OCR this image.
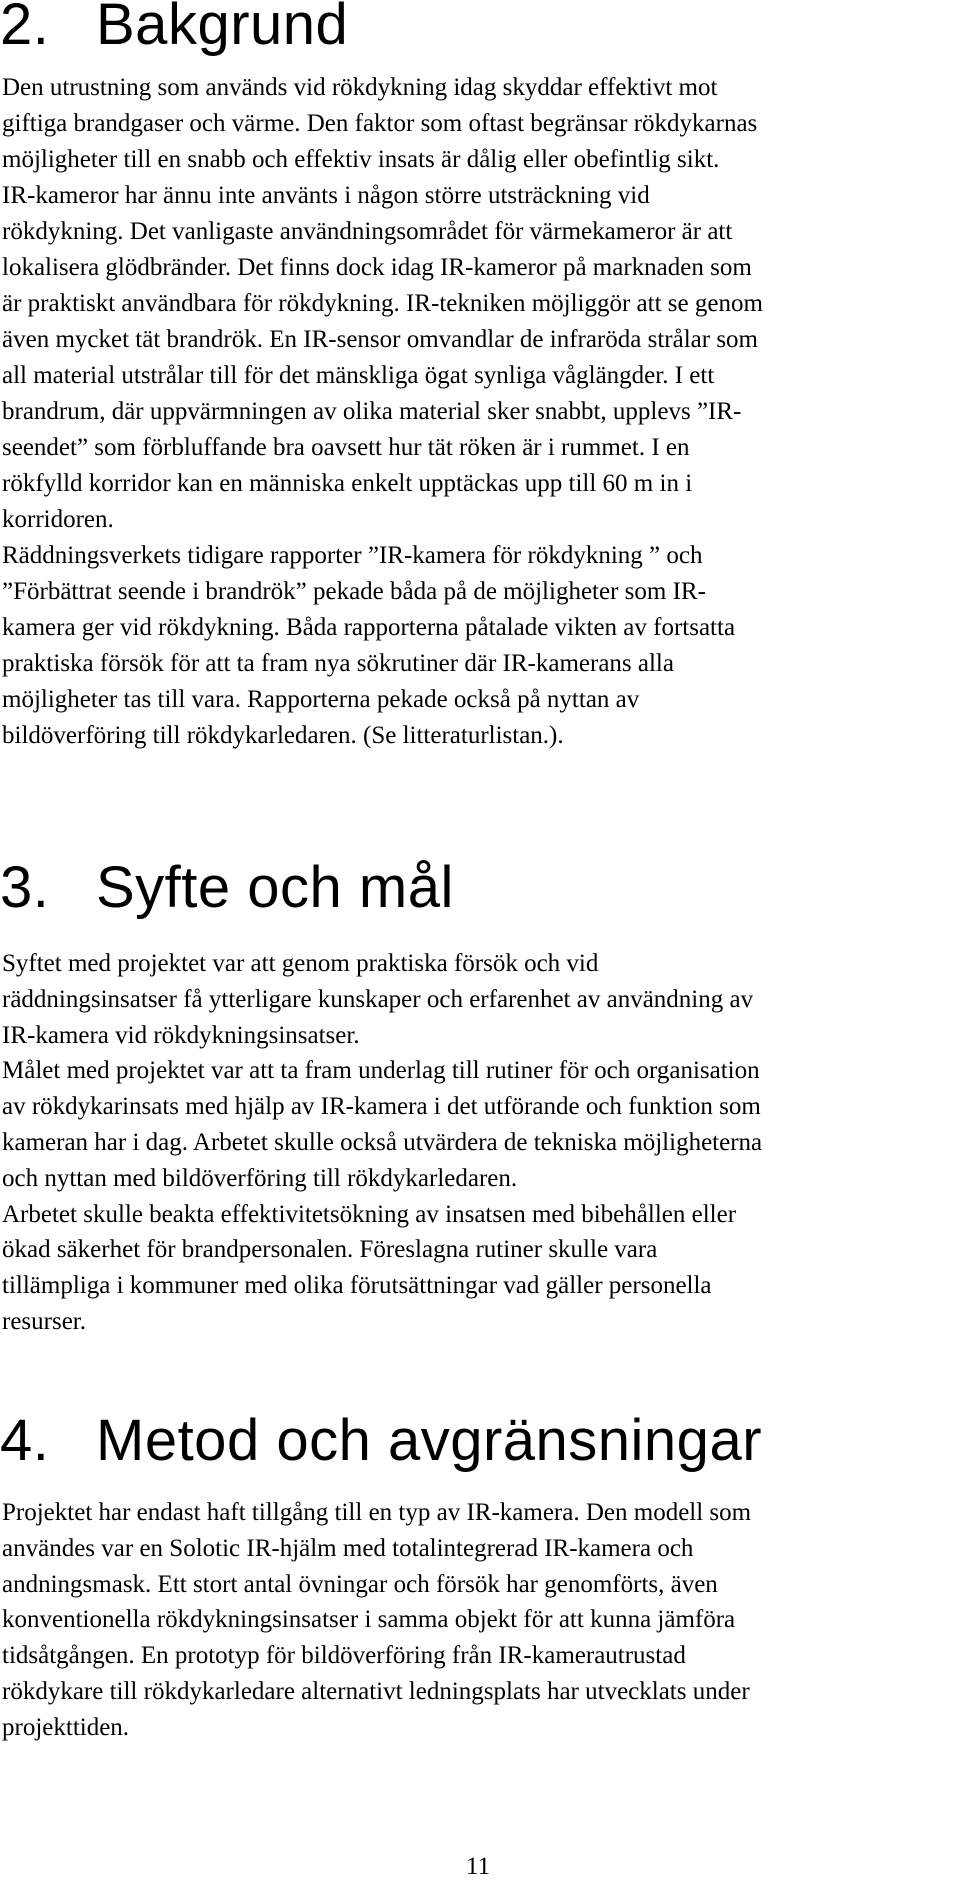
2. Bakgrund
Den utrustning som används vid rökdykning idag skyddar effektivt mot
giftiga brandgaser och värme. Den faktor som oftast begränsar rökdykarnas
möjligheter till en snabb och effektiv insats är dålig eller obefintlig sikt.
IR-kameror har ännu inte använts i någon större utsträckning vid
rökdykning. Det vanligaste användningsområdet för värmekameror är att
lokalisera glödbränder. Det finns dock idag IR-kameror på marknaden som
är praktiskt användbara för rökdykning. IR-tekniken möjliggör att se genom
även mycket tät brandrök. En IR-sensor omvandlar de infraröda strålar som
all material utstrålar till för det mänskliga ögat synliga våglängder. I ett
brandrum, där uppvärmningen av olika material sker snabbt, upplevs ”IR-
seendet” som förbluffande bra oavsett hur tät röken är i rummet. I en
rökfylld korridor kan en människa enkelt upptäckas upp till 60 m in i
korridoren.
Räddningsverkets tidigare rapporter ”IR-kamera för rökdykning ” och
”Förbättrat seende i brandrök” pekade båda på de möjligheter som IR-
kamera ger vid rökdykning. Båda rapporterna påtalade vikten av fortsatta
praktiska försök för att ta fram nya sökrutiner där IR-kamerans alla
möjligheter tas till vara. Rapporterna pekade också på nyttan av
bildöverföring till rökdykarledaren. (Se litteraturlistan.).
3. Syfte och mål
Syftet med projektet var att genom praktiska försök och vid
räddningsinsatser få ytterligare kunskaper och erfarenhet av användning av
IR-kamera vid rökdykningsinsatser.
Målet med projektet var att ta fram underlag till rutiner för och organisation
av rökdykarinsats med hjälp av IR-kamera i det utförande och funktion som
kameran har i dag. Arbetet skulle också utvärdera de tekniska möjligheterna
och nyttan med bildöverföring till rökdykarledaren.
Arbetet skulle beakta effektivitetsökning av insatsen med bibehållen eller
ökad säkerhet för brandpersonalen. Föreslagna rutiner skulle vara
tillämpliga i kommuner med olika förutsättningar vad gäller personella
resurser.
4. Metod och avgränsningar
Projektet har endast haft tillgång till en typ av IR-kamera. Den modell som
användes var en Solotic IR-hjälm med totalintegrerad IR-kamera och
andningsmask. Ett stort antal övningar och försök har genomförts, även
konventionella rökdykningsinsatser i samma objekt för att kunna jämföra
tidsåtgången. En prototyp för bildöverföring från IR-kamerautrustad
rökdykare till rökdykarledare alternativt ledningsplats har utvecklats under
projekttiden.

11
